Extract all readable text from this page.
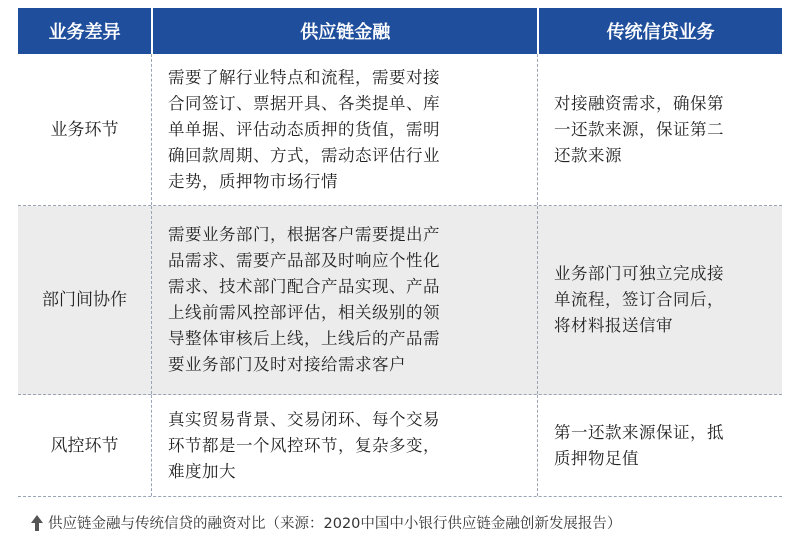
业务差异	供应链金融	传统信贷业务
业务环节
需要了解行业特点和流程，需要对接
合同签订、票据开具、各类提单、库
单单据、评估动态质押的货值，需明
确回款周期、方式，需动态评估行业
走势，质押物市场行情
对接融资需求，确保第
一还款来源，保证第二
还款来源
部门间协作
需要业务部门，根据客户需要提出产
品需求、需要产品部及时响应个性化
需求、技术部门配合产品实现、产品
上线前需风控部评估，相关级别的领
导整体审核后上线，上线后的产品需
要业务部门及时对接给需求客户
业务部门可独立完成接
单流程，签订合同后，
将材料报送信审
风控环节
真实贸易背景、交易闭环、每个交易
环节都是一个风控环节，复杂多变，
难度加大
第一还款来源保证，抵
质押物足值
供应链金融与传统信贷的融资对比（来源：2020中国中小银行供应链金融创新发展报告）
